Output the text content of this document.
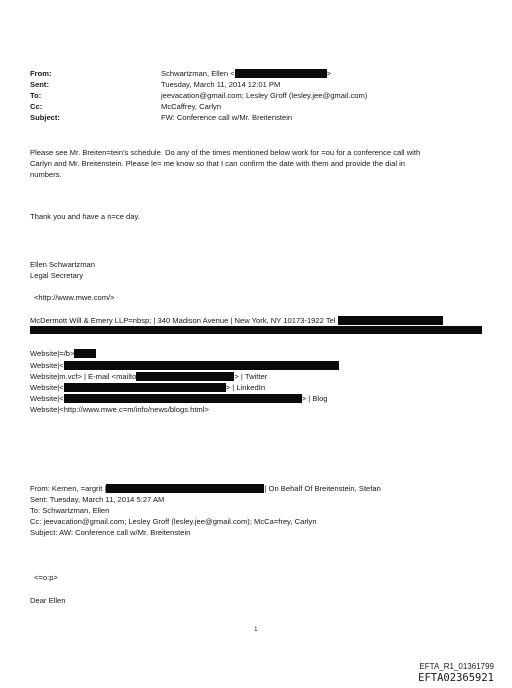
From:	Schwartzman, Ellen <	>
Sent:	Tuesday, March 11, 2014 12:01 PM
To:	jeevacation@gmail.com; Lesley Groff (lesley.jee@gmail.com)
Cc:	McCaffrey, Carlyn
Subject:	FW: Conference call w/Mr. Breitenstein
Please see Mr. Breiten=tein's schedule. Do any of the times mentioned below work for =ou for a conference call with
Carlyn and Mr. Breitenstein. Please le= me know so that I can confirm the date with them and provide the dial in
numbers.
Thank you and have a n=ce day.
Ellen Schwartzman
Legal Secretary
<http://www.mwe.com/>
McDermott Will & Emery LLP=nbsp; | 340 Madison Avenue | New York, NY 10173-1922 Tel
Website|=/b>
Website|<
Website|m.vcf> | E-mail <mailto	> | Twitter
Website|<	> | LinkedIn
Website|<	> | Blog
Website|<http://www.mwe.c=m/info/news/blogs.html>
From: Kernen, =argrit |	| On Behalf Of Breitenstein, Stefan
Sent: Tuesday, March 11, 2014 5:27 AM
To: Schwartzman, Ellen
Cc: jeevacation@gmail.com; Lesley Groff (lesley.jee@gmail.com); McCa=frey, Carlyn
Subject: AW: Conference call w/Mr. Breitenstein
<=o:p>
Dear Ellen
1
EFTA_R1_01361799
EFTA02365921
